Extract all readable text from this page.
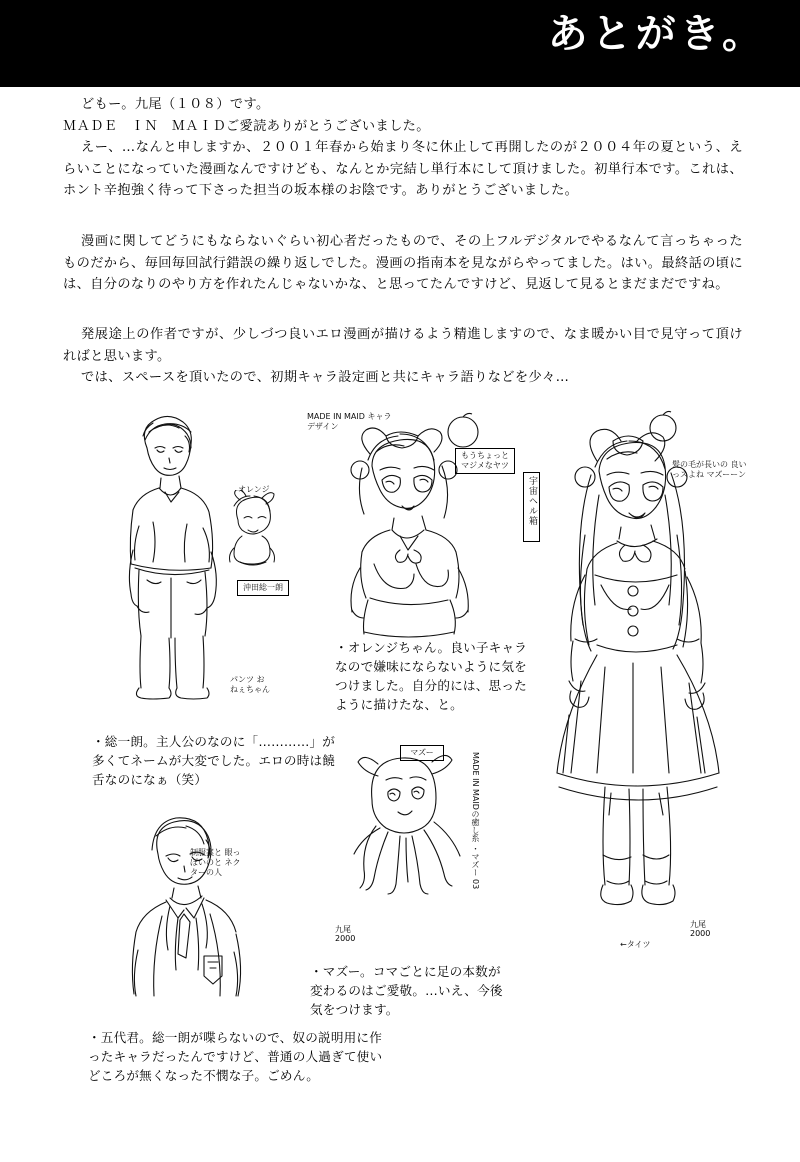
あとがき。

どもー。九尾（１０８）です。

ＭＡＤＥ　ＩＮ　ＭＡＩＤご愛読ありがとうございました。

えー、…なんと申しますか、２００１年春から始まり冬に休止して再開したのが２００４年の夏という、えらいことになっていた漫画なんですけども、なんとか完結し単行本にして頂けました。初単行本です。これは、ホント辛抱強く待って下さった担当の坂本様のお陰です。ありがとうございました。

漫画に関してどうにもならないぐらい初心者だったもので、その上フルデジタルでやるなんて言っちゃったものだから、毎回毎回試行錯誤の繰り返しでした。漫画の指南本を見ながらやってました。はい。最終話の頃には、自分のなりのやり方を作れたんじゃないかな、と思ってたんですけど、見返して見るとまだまだですね。

発展途上の作者ですが、少しづつ良いエロ漫画が描けるよう精進しますので、なま暖かい目で見守って頂ければと思います。

では、スペースを頂いたので、初期キャラ設定画と共にキャラ語りなどを少々…

MADE IN MAID キャラデザイン
もうちょっと マジメなヤツ
宇宙ヘル箱
髪の毛が長いの 良いっスよね マズーーン
マズー	MADE IN MAIDの癒し系 ・マズー 03
オレンジ
沖田総一朗
パンツ おねぇちゃん
制服案と 眼っぽいのと ネクターの人
←タイツ
九尾 2000
九尾 2000

・総一朗。主人公のなのに「…………」が多くてネームが大変でした。エロの時は饒舌なのになぁ（笑）

・オレンジちゃん。良い子キャラなので嫌味にならないように気をつけました。自分的には、思ったように描けたな、と。

・マズー。コマごとに足の本数が変わるのはご愛敬。…いえ、今後気をつけます。

・五代君。総一朗が喋らないので、奴の説明用に作ったキャラだったんですけど、普通の人過ぎて使いどころが無くなった不憫な子。ごめん。
